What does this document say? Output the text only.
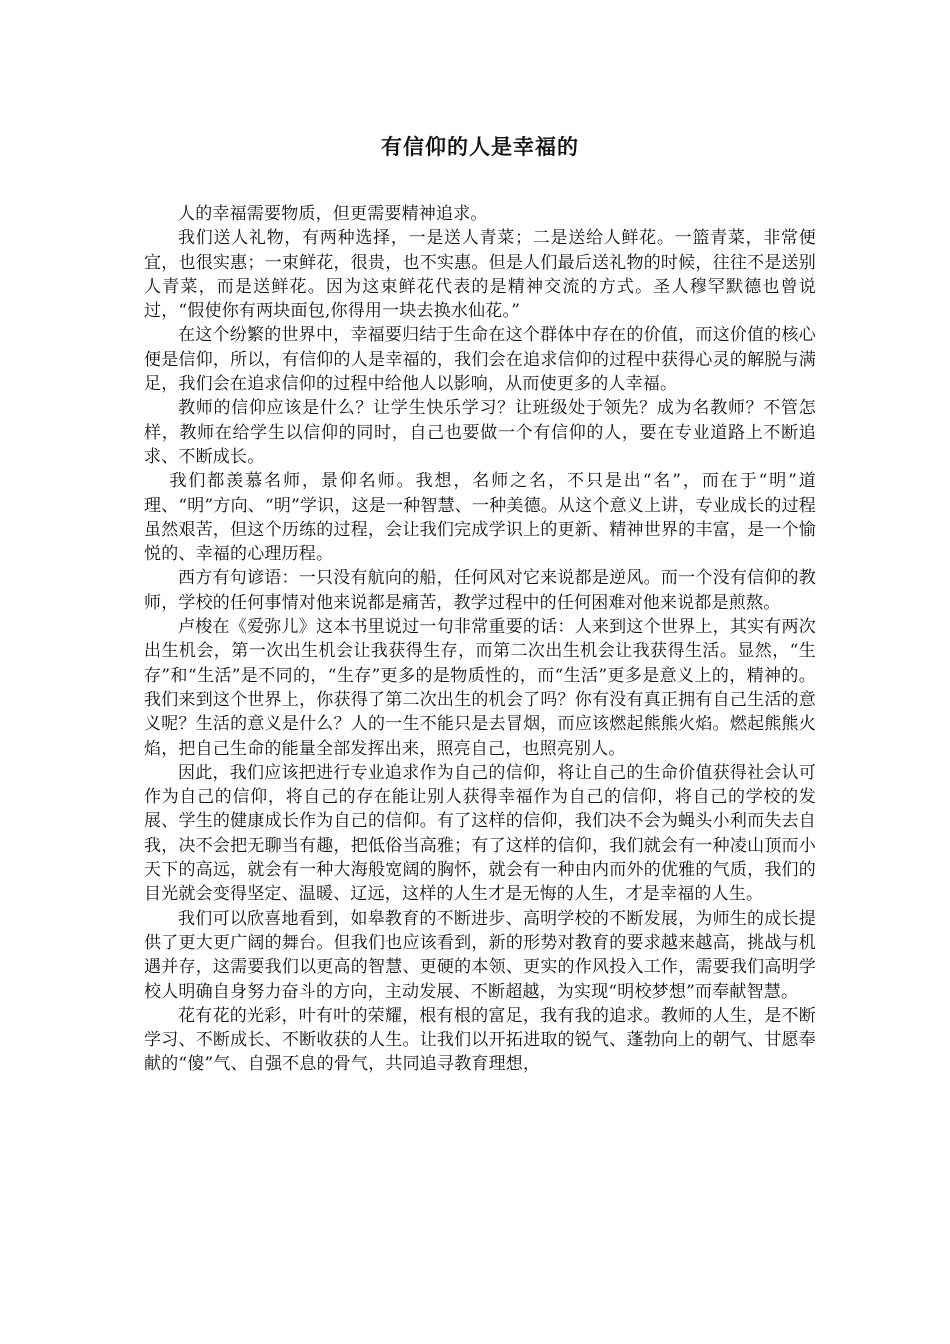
有信仰的人是幸福的

人的幸福需要物质，但更需要精神追求。

我们送人礼物，有两种选择，一是送人青菜；二是送给人鲜花。一篮青菜，非常便宜，也很实惠；一束鲜花，很贵，也不实惠。但是人们最后送礼物的时候，往往不是送别人青菜，而是送鲜花。因为这束鲜花代表的是精神交流的方式。圣人穆罕默德也曾说过，“假使你有两块面包,你得用一块去换水仙花。”

在这个纷繁的世界中，幸福要归结于生命在这个群体中存在的价值，而这价值的核心便是信仰，所以，有信仰的人是幸福的，我们会在追求信仰的过程中获得心灵的解脱与满足，我们会在追求信仰的过程中给他人以影响，从而使更多的人幸福。

教师的信仰应该是什么？让学生快乐学习？让班级处于领先？成为名教师？不管怎样，教师在给学生以信仰的同时，自己也要做一个有信仰的人，要在专业道路上不断追求、不断成长。

我们都羡慕名师，景仰名师。我想，名师之名，不只是出“名”，而在于“明”道理、“明”方向、“明”学识，这是一种智慧、一种美德。从这个意义上讲，专业成长的过程虽然艰苦，但这个历练的过程，会让我们完成学识上的更新、精神世界的丰富，是一个愉悦的、幸福的心理历程。

西方有句谚语：一只没有航向的船，任何风对它来说都是逆风。而一个没有信仰的教师，学校的任何事情对他来说都是痛苦，教学过程中的任何困难对他来说都是煎熬。

卢梭在《爱弥儿》这本书里说过一句非常重要的话：人来到这个世界上，其实有两次出生机会，第一次出生机会让我获得生存，而第二次出生机会让我获得生活。显然，“生存”和“生活”是不同的，“生存”更多的是物质性的，而“生活”更多是意义上的，精神的。我们来到这个世界上，你获得了第二次出生的机会了吗？你有没有真正拥有自己生活的意义呢？生活的意义是什么？人的一生不能只是去冒烟，而应该燃起熊熊火焰。燃起熊熊火焰，把自己生命的能量全部发挥出来，照亮自己，也照亮别人。

因此，我们应该把进行专业追求作为自己的信仰，将让自己的生命价值获得社会认可作为自己的信仰，将自己的存在能让别人获得幸福作为自己的信仰，将自己的学校的发展、学生的健康成长作为自己的信仰。有了这样的信仰，我们决不会为蝇头小利而失去自我，决不会把无聊当有趣，把低俗当高雅；有了这样的信仰，我们就会有一种凌山顶而小天下的高远，就会有一种大海般宽阔的胸怀，就会有一种由内而外的优雅的气质，我们的目光就会变得坚定、温暖、辽远，这样的人生才是无悔的人生，才是幸福的人生。

我们可以欣喜地看到，如皋教育的不断进步、高明学校的不断发展，为师生的成长提供了更大更广阔的舞台。但我们也应该看到，新的形势对教育的要求越来越高，挑战与机遇并存，这需要我们以更高的智慧、更硬的本领、更实的作风投入工作，需要我们高明学校人明确自身努力奋斗的方向，主动发展、不断超越，为实现“明校梦想”而奉献智慧。

花有花的光彩，叶有叶的荣耀，根有根的富足，我有我的追求。教师的人生，是不断学习、不断成长、不断收获的人生。让我们以开拓进取的锐气、蓬勃向上的朝气、甘愿奉献的“傻”气、自强不息的骨气，共同追寻教育理想，
